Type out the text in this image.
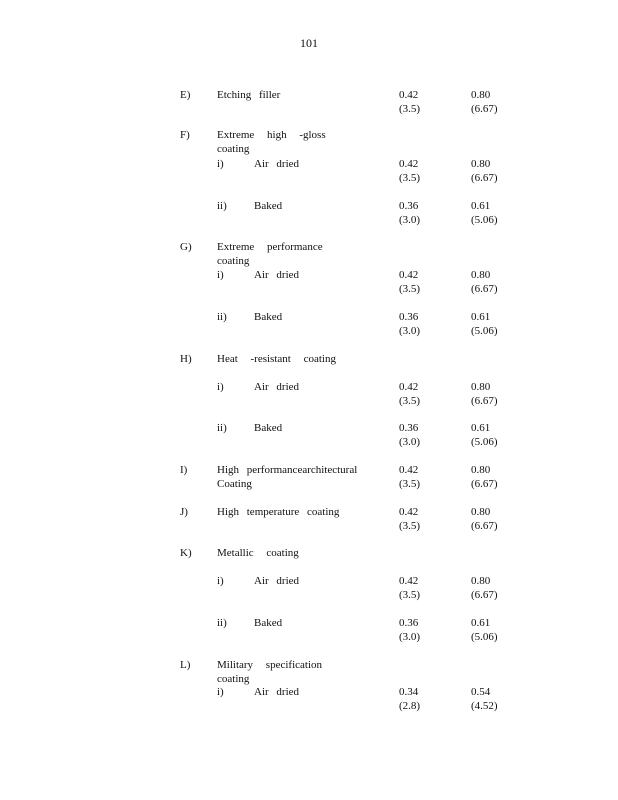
101
E) Etching filler	0.42	0.80
(3.5)	(6.67)
F) Extreme high -gloss coating
i)	Air dried	0.42	0.80
(3.5)	(6.67)
ii) Baked	0.36	0.61
(3.0)	(5.06)
G) Extreme performance coating
i)	Air dried	0.42	0.80
(3.5)	(6.67)
ii) Baked	0.36	0.61
(3.0)	(5.06)
H) Heat -resistant coating
i)	Air dried	0.42	0.80
(3.5)	(6.67)
ii) Baked	0.36	0.61
(3.0)	(5.06)
I)	High performancearchitectural
Coating
0.42	0.80
(3.5)	(6.67)
J)	High temperature coating	0.42	0.80
(3.5)	(6.67)
K) Metallic coating
i)	Air dried	0.42	0.80
(3.5)	(6.67)
ii) Baked	0.36	0.61
(3.0)	(5.06)
L) Military specification coating
i)	Air dried	0.34	0.54
(2.8)	(4.52)
